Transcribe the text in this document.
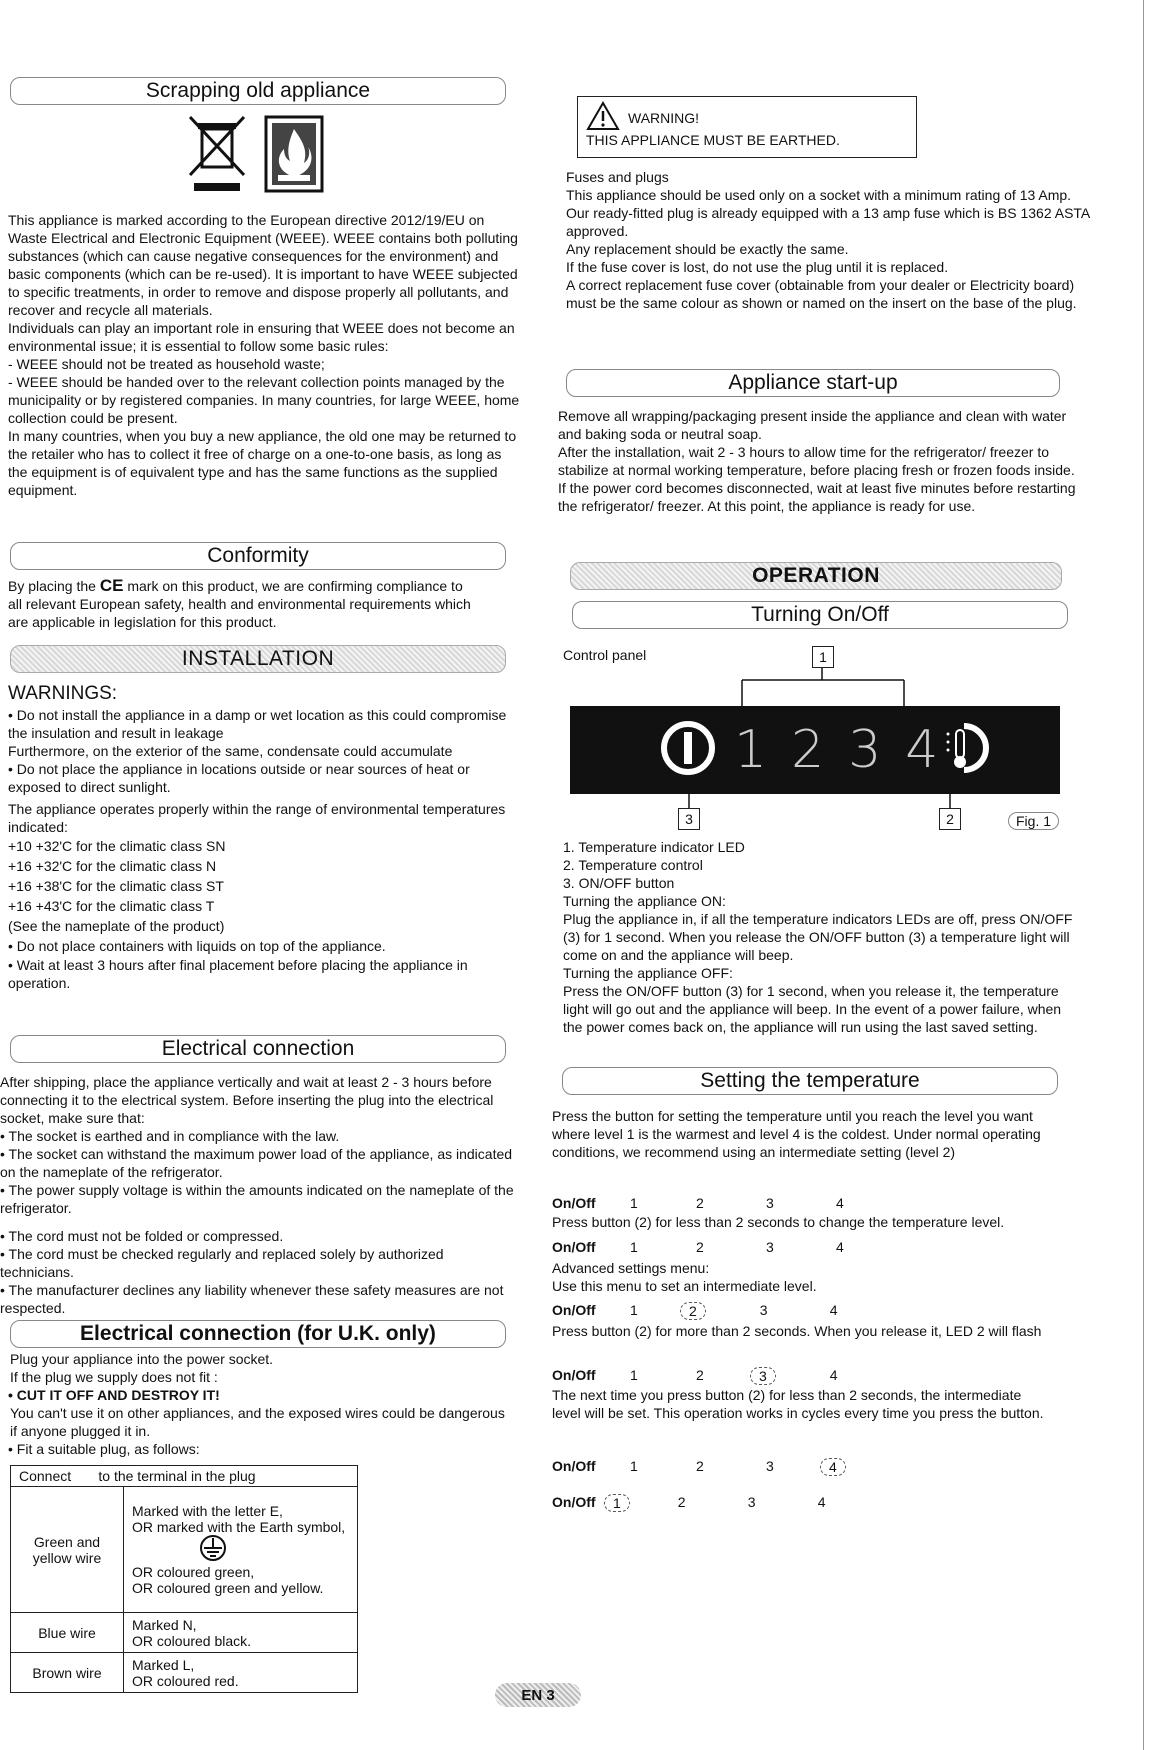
Scrapping old appliance

This appliance is marked according to the European directive 2012/19/EU on Waste Electrical and Electronic Equipment (WEEE). WEEE contains both polluting substances (which can cause negative consequences for the environment) and basic components (which can be re-used). It is important to have WEEE subjected to specific treatments, in order to remove and dispose properly all pollutants, and recover and recycle all materials.

Individuals can play an important role in ensuring that WEEE does not become an environmental issue; it is essential to follow some basic rules:

- WEEE should not be treated as household waste;

- WEEE should be handed over to the relevant collection points managed by the municipality or by registered companies. In many countries, for large WEEE, home collection could be present.

In many countries, when you buy a new appliance, the old one may be returned to the retailer who has to collect it free of charge on a one-to-one basis, as long as the equipment is of equivalent type and has the same functions as the supplied equipment.

Conformity

By placing the CE mark on this product, we are confirming compliance to all relevant European safety, health and environmental requirements which are applicable in legislation for this product.

INSTALLATION

WARNINGS:

• Do not install the appliance in a damp or wet location as this could compromise the insulation and result in leakage

Furthermore, on the exterior of the same, condensate could accumulate

• Do not place the appliance in locations outside or near sources of heat or exposed to direct sunlight.

The appliance operates properly within the range of environmental temperatures indicated:

+10 +32'C for the climatic class SN

+16 +32'C for the climatic class N

+16 +38'C for the climatic class ST

+16 +43'C for the climatic class T

(See the nameplate of the product)

• Do not place containers with liquids on top of the appliance.

• Wait at least 3 hours after final placement before placing the appliance in operation.

Electrical connection

After shipping, place the appliance vertically and wait at least 2 - 3 hours before connecting it to the electrical system. Before inserting the plug into the electrical socket, make sure that:

• The socket is earthed and in compliance with the law.

• The socket can withstand the maximum power load of the appliance, as indicated on the nameplate of the refrigerator.

• The power supply voltage is within the amounts indicated on the nameplate of the refrigerator.

• The cord must not be folded or compressed.

• The cord must be checked regularly and replaced solely by authorized technicians.

• The manufacturer declines any liability whenever these safety measures are not respected.

Electrical connection (for U.K. only)

Plug your appliance into the power socket.

If the plug we supply does not fit :

• CUT IT OFF AND DESTROY IT!

You can't use it on other appliances, and the exposed wires could be dangerous if anyone plugged it in.

• Fit a suitable plug, as follows:

Connect to the terminal in the plug	
Green and yellow wire	Marked with the letter E,
OR marked with the Earth symbol,
OR coloured green,
OR coloured green and yellow.

Blue wire	Marked N,
OR coloured black.

Brown wire	Marked L,
OR coloured red.
WARNING!
THIS APPLIANCE MUST BE EARTHED.

Fuses and plugs

This appliance should be used only on a socket with a minimum rating of 13 Amp.

Our ready-fitted plug is already equipped with a 13 amp fuse which is BS 1362 ASTA approved.

Any replacement should be exactly the same.

If the fuse cover is lost, do not use the plug until it is replaced.

A correct replacement fuse cover (obtainable from your dealer or Electricity board) must be the same colour as shown or named on the insert on the base of the plug.

Appliance start-up

Remove all wrapping/packaging present inside the appliance and clean with water and baking soda or neutral soap.

After the installation, wait 2 - 3 hours to allow time for the refrigerator/ freezer to stabilize at normal working temperature, before placing fresh or frozen foods inside.

If the power cord becomes disconnected, wait at least five minutes before restarting the refrigerator/ freezer. At this point, the appliance is ready for use.

OPERATION
Turning On/Off
Control panel	1
1 2 3 4
3	2	Fig. 1

1. Temperature indicator LED

2. Temperature control

3. ON/OFF button

Turning the appliance ON:

Plug the appliance in, if all the temperature indicators LEDs are off, press ON/OFF (3) for 1 second. When you release the ON/OFF button (3) a temperature light will come on and the appliance will beep.

Turning the appliance OFF:

Press the ON/OFF button (3) for 1 second, when you release it, the temperature light will go out and the appliance will beep. In the event of a power failure, when the power comes back on, the appliance will run using the last saved setting.

Setting the temperature

Press the button for setting the temperature until you reach the level you want where level 1 is the warmest and level 4 is the coldest. Under normal operating conditions, we recommend using an intermediate setting (level 2)

On/Off	1	2	3	4

Press button (2) for less than 2 seconds to change the temperature level.

On/Off	1	2	3	4

Advanced settings menu:

Use this menu to set an intermediate level.

On/Off	1	2	3	4

Press button (2) for more than 2 seconds. When you release it, LED 2 will flash

On/Off	1	2	3	4

The next time you press button (2) for less than 2 seconds, the intermediate level will be set. This operation works in cycles every time you press the button.

On/Off	1	2	3	4
On/Off	1	2	3	4
EN 3
